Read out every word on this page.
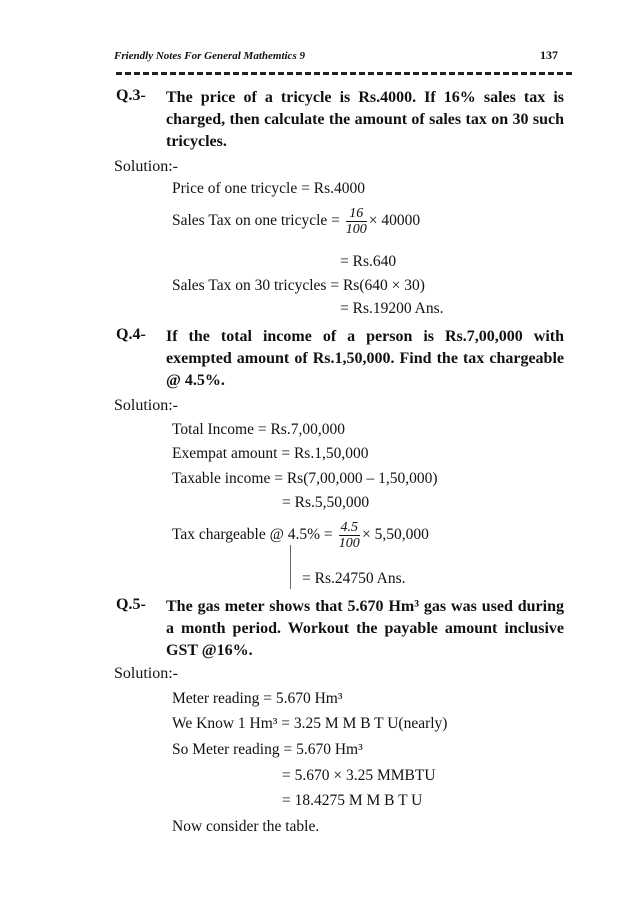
Friendly Notes For General Mathemtics 9	137
Q.3- The price of a tricycle is Rs.4000. If 16% sales tax is charged, then calculate the amount of sales tax on 30 such tricycles.
Solution:-
Price of one tricycle = Rs.4000
Sales Tax on one tricycle = $\frac{16}{100} \times 40000$
= Rs.640
Sales Tax on 30 tricycles = Rs(640 × 30)
= Rs.19200 Ans.
Q.4- If the total income of a person is Rs.7,00,000 with exempted amount of Rs.1,50,000. Find the tax chargeable @ 4.5%.
Solution:-
Total Income = Rs.7,00,000
Exempat amount = Rs.1,50,000
Taxable income = Rs(7,00,000 – 1,50,000)
= Rs.5,50,000
Tax chargeable @ $4.5\% = \frac{4.5}{100} \times 5,50,000$
= Rs.24750 Ans.
Q.5- The gas meter shows that 5.670 Hm³ gas was used during a month period. Workout the payable amount inclusive GST @16%.
Solution:-
Meter reading = 5.670 Hm³
We Know 1 Hm³ = 3.25 M M B T U(nearly)
So Meter reading = 5.670 Hm³
= 5.670 × 3.25 MMBTU
= 18.4275 M M B T U
Now consider the table.
